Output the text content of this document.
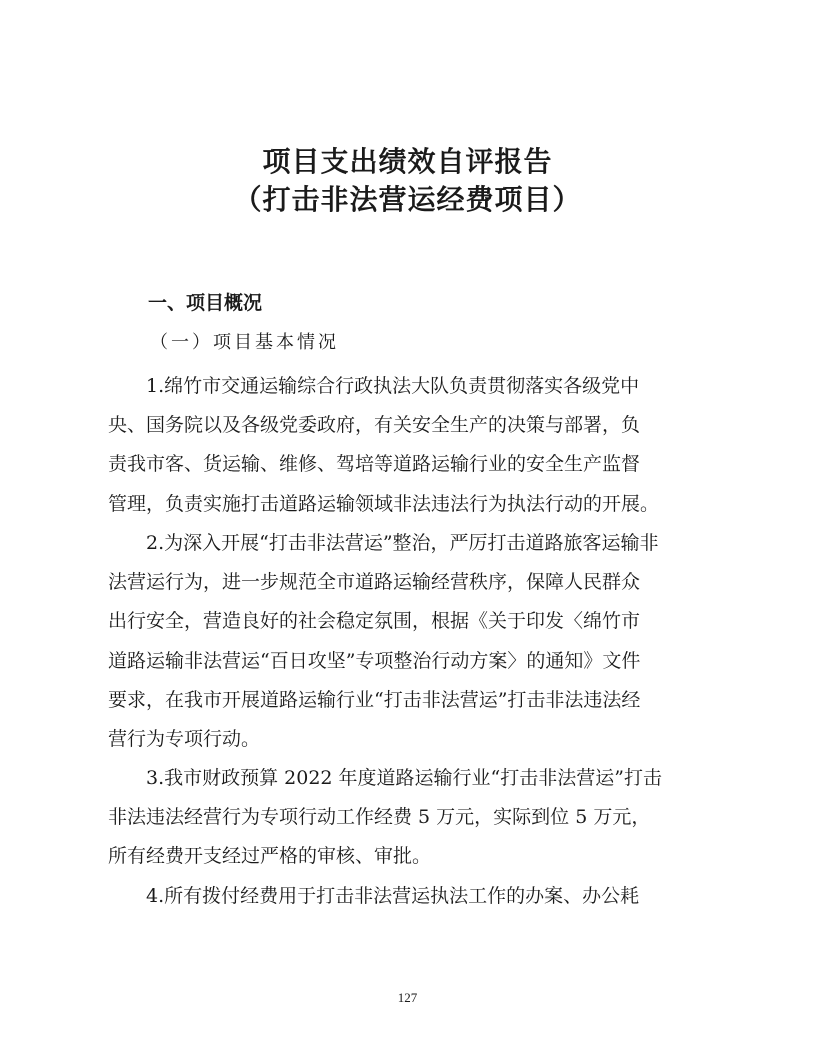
项目支出绩效自评报告
（打击非法营运经费项目）
一、项目概况
（一）项目基本情况
1.绵竹市交通运输综合行政执法大队负责贯彻落实各级党中
央、国务院以及各级党委政府，有关安全生产的决策与部署，负
责我市客、货运输、维修、驾培等道路运输行业的安全生产监督
管理，负责实施打击道路运输领域非法违法行为执法行动的开展。
2.为深入开展“打击非法营运”整治，严厉打击道路旅客运输非
法营运行为，进一步规范全市道路运输经营秩序，保障人民群众
出行安全，营造良好的社会稳定氛围，根据《关于印发〈绵竹市
道路运输非法营运“百日攻坚”专项整治行动方案〉的通知》文件
要求，在我市开展道路运输行业“打击非法营运”打击非法违法经
营行为专项行动。
3.我市财政预算 2022 年度道路运输行业“打击非法营运”打击
非法违法经营行为专项行动工作经费 5 万元，实际到位 5 万元，
所有经费开支经过严格的审核、审批。
4.所有拨付经费用于打击非法营运执法工作的办案、办公耗
127
